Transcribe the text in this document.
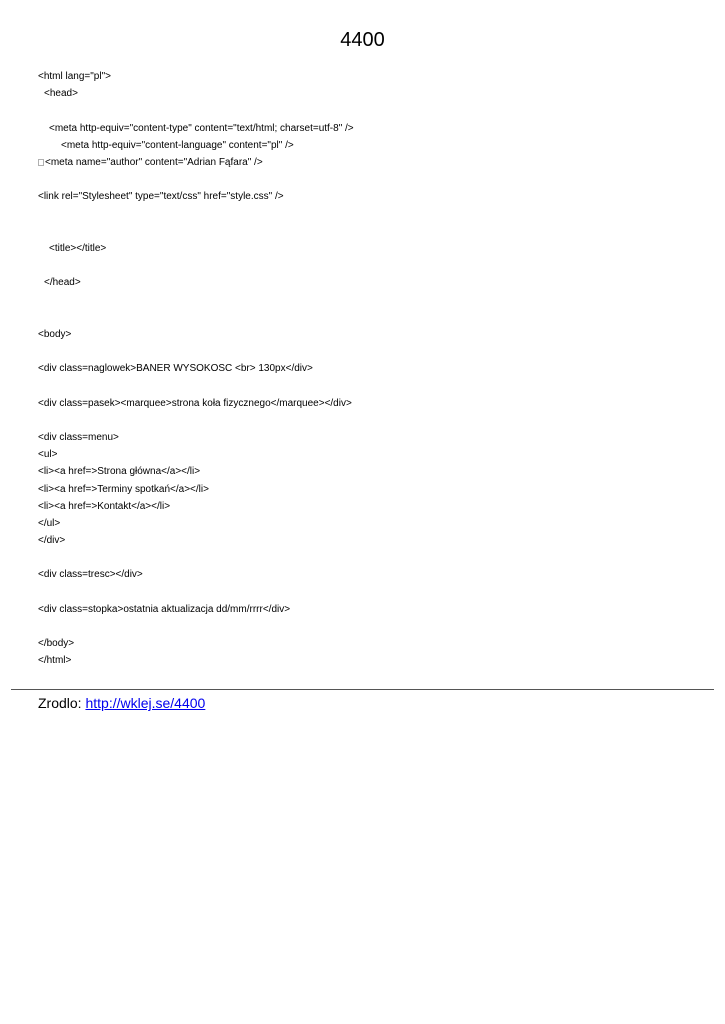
4400
<html lang="pl">
<head>
<meta http-equiv="content-type" content="text/html; charset=utf-8" />
<meta http-equiv="content-language" content="pl" />
<meta name="author" content="Adrian Fąfara" />
<link rel="Stylesheet" type="text/css" href="style.css" />
<title></title>
</head>
<body>
<div class=naglowek>BANER WYSOKOSC <br> 130px</div>
<div class=pasek><marquee>strona koła fizycznego</marquee></div>
<div class=menu>
<ul>
<li><a href=>Strona główna</a></li>
<li><a href=>Terminy spotkań</a></li>
<li><a href=>Kontakt</a></li>
</ul>
</div>
<div class=tresc></div>
<div class=stopka>ostatnia aktualizacja dd/mm/rrrr</div>
</body>
</html>
Zrodlo: http://wklej.se/4400
